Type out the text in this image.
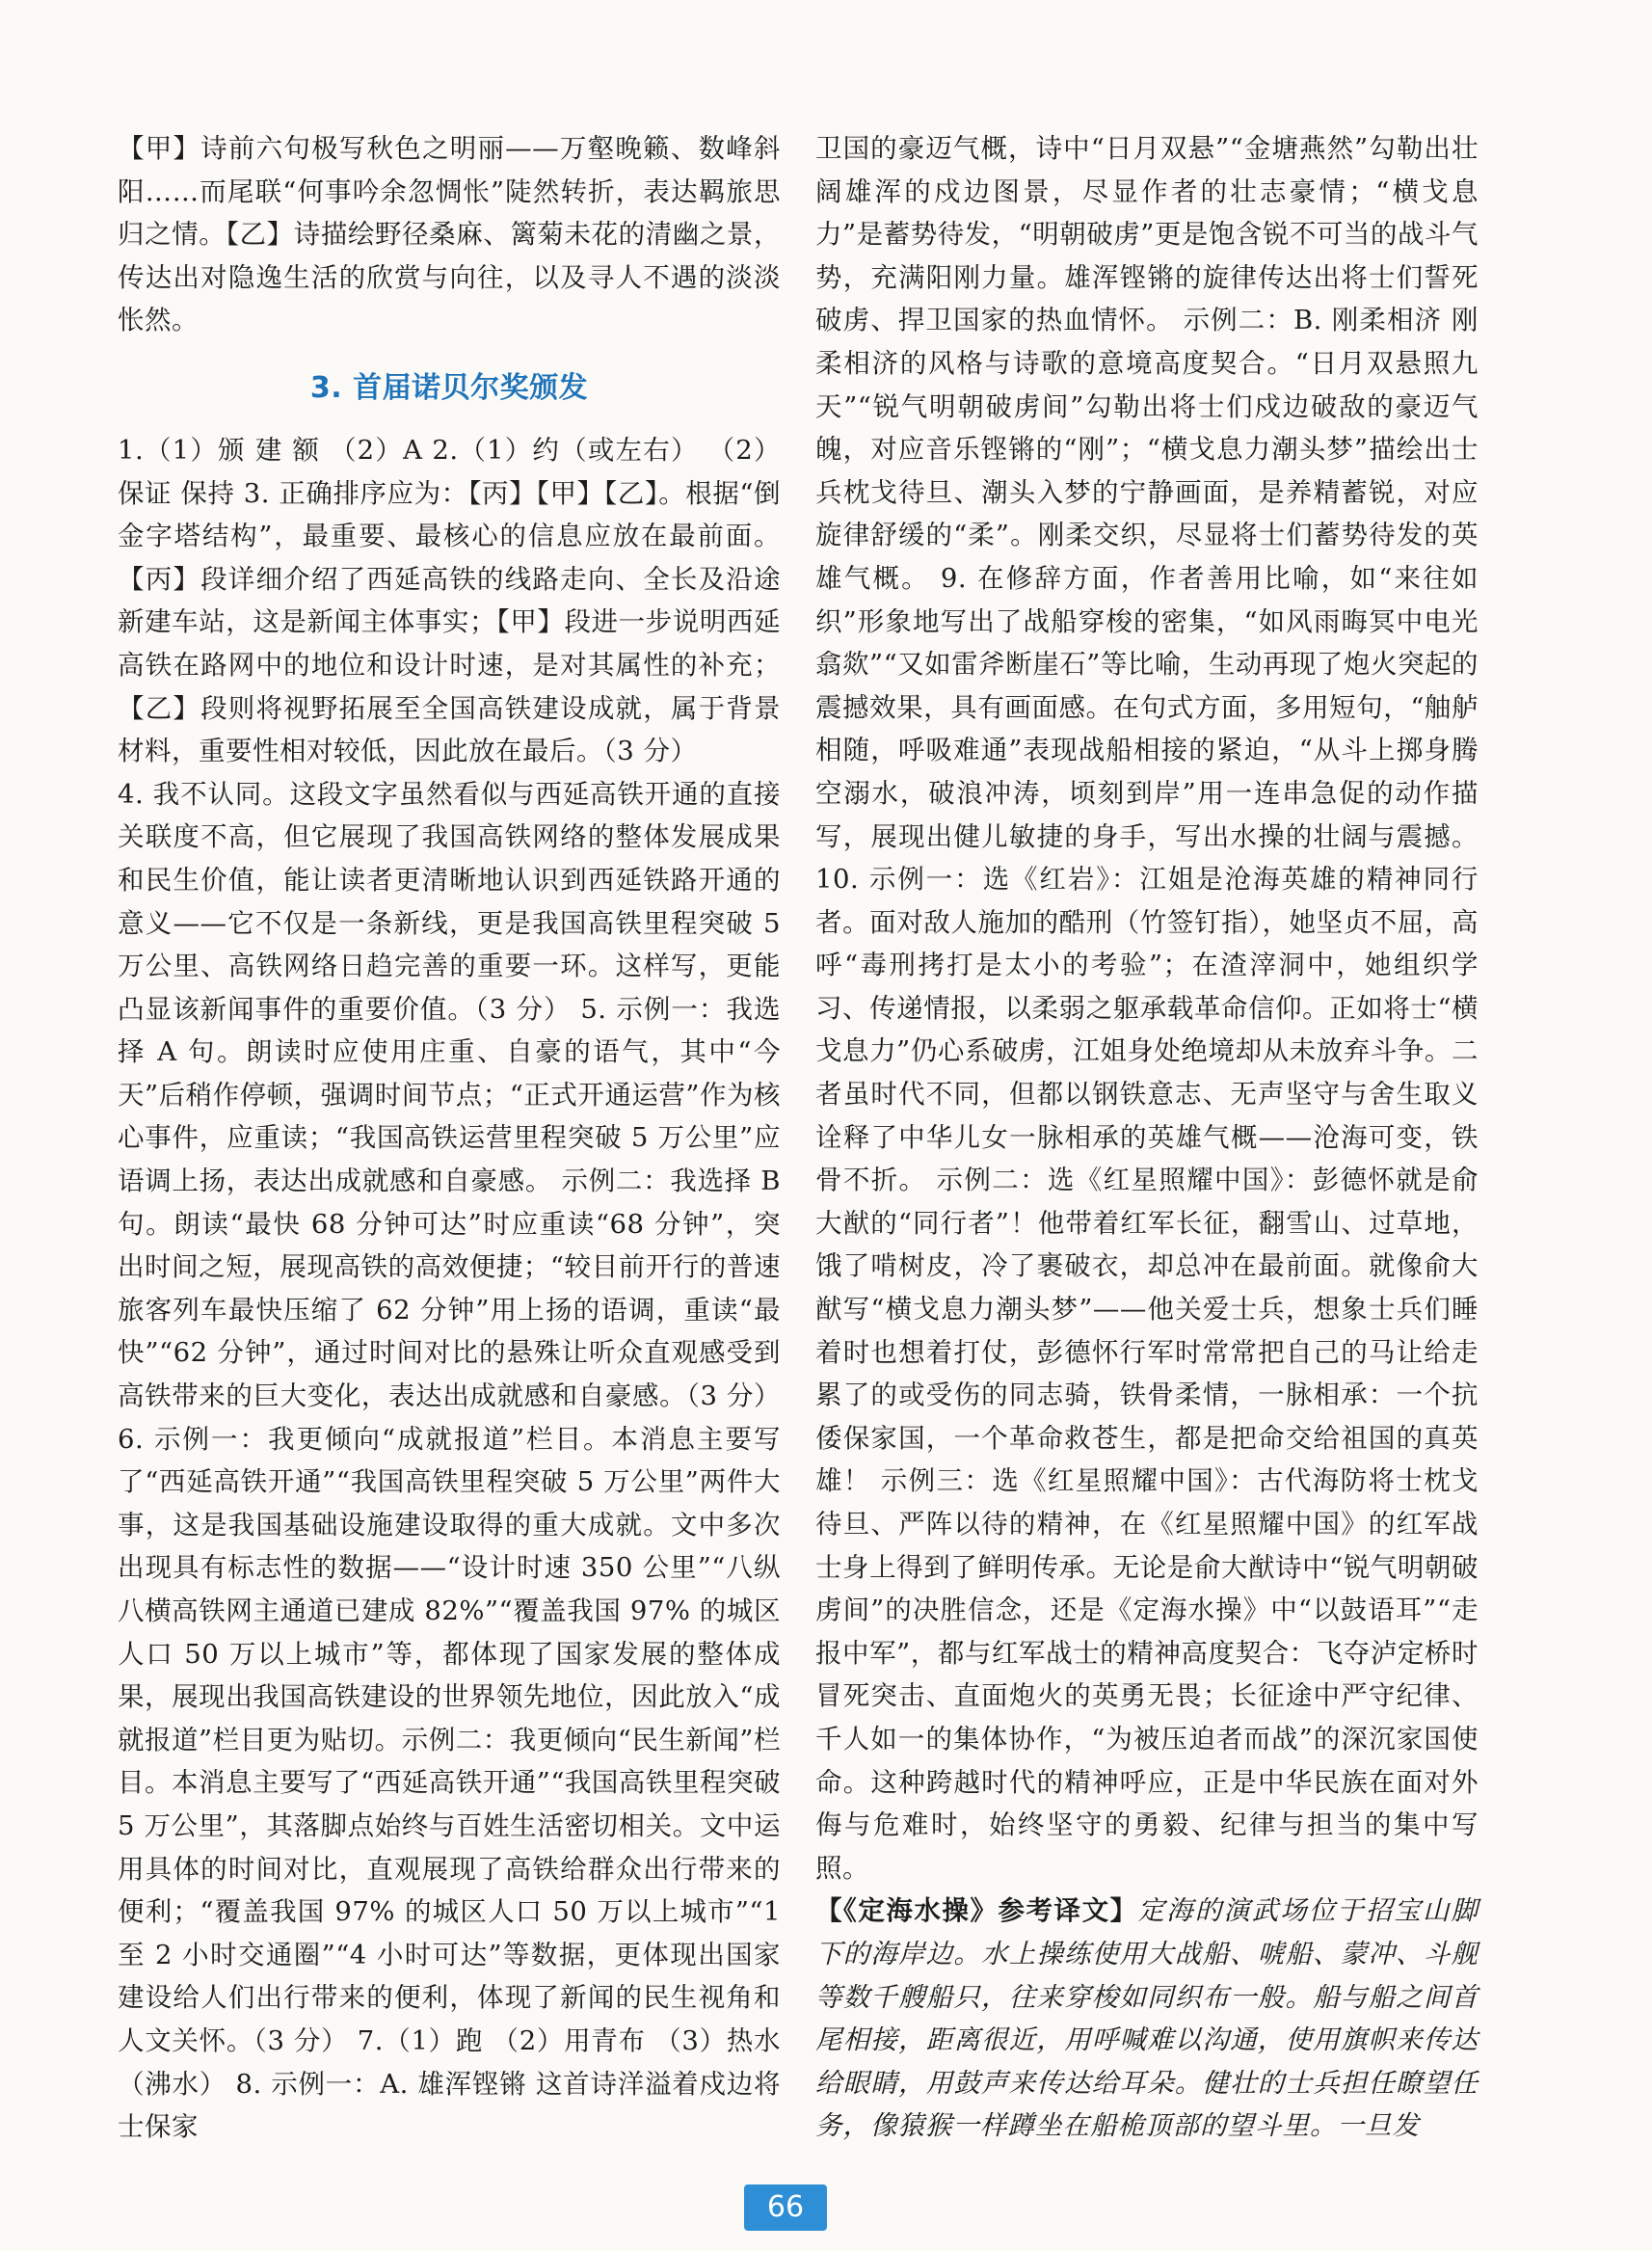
【甲】诗前六句极写秋色之明丽——万壑晚籁、数峰斜阳……而尾联“何事吟余忽惆怅”陡然转折，表达羁旅思归之情。【乙】诗描绘野径桑麻、篱菊未花的清幽之景，传达出对隐逸生活的欣赏与向往，以及寻人不遇的淡淡怅然。

3. 首届诺贝尔奖颁发

1.（1）颁 建 额 （2）A 2.（1）约（或左右） （2）保证 保持 3. 正确排序应为：【丙】【甲】【乙】。根据“倒金字塔结构”，最重要、最核心的信息应放在最前面。【丙】段详细介绍了西延高铁的线路走向、全长及沿途新建车站，这是新闻主体事实；【甲】段进一步说明西延高铁在路网中的地位和设计时速，是对其属性的补充；【乙】段则将视野拓展至全国高铁建设成就，属于背景材料，重要性相对较低，因此放在最后。（3 分）

4. 我不认同。这段文字虽然看似与西延高铁开通的直接关联度不高，但它展现了我国高铁网络的整体发展成果和民生价值，能让读者更清晰地认识到西延铁路开通的意义——它不仅是一条新线，更是我国高铁里程突破 5 万公里、高铁网络日趋完善的重要一环。这样写，更能凸显该新闻事件的重要价值。（3 分） 5. 示例一：我选择 A 句。朗读时应使用庄重、自豪的语气，其中“今天”后稍作停顿，强调时间节点；“正式开通运营”作为核心事件，应重读；“我国高铁运营里程突破 5 万公里”应语调上扬，表达出成就感和自豪感。 示例二：我选择 B 句。朗读“最快 68 分钟可达”时应重读“68 分钟”，突出时间之短，展现高铁的高效便捷；“较目前开行的普速旅客列车最快压缩了 62 分钟”用上扬的语调，重读“最快”“62 分钟”，通过时间对比的悬殊让听众直观感受到高铁带来的巨大变化，表达出成就感和自豪感。（3 分） 6. 示例一：我更倾向“成就报道”栏目。本消息主要写了“西延高铁开通”“我国高铁里程突破 5 万公里”两件大事，这是我国基础设施建设取得的重大成就。文中多次出现具有标志性的数据——“设计时速 350 公里”“八纵八横高铁网主通道已建成 82%”“覆盖我国 97% 的城区人口 50 万以上城市”等，都体现了国家发展的整体成果，展现出我国高铁建设的世界领先地位，因此放入“成就报道”栏目更为贴切。示例二：我更倾向“民生新闻”栏目。本消息主要写了“西延高铁开通”“我国高铁里程突破 5 万公里”，其落脚点始终与百姓生活密切相关。文中运用具体的时间对比，直观展现了高铁给群众出行带来的便利；“覆盖我国 97% 的城区人口 50 万以上城市”“1 至 2 小时交通圈”“4 小时可达”等数据，更体现出国家建设给人们出行带来的便利，体现了新闻的民生视角和人文关怀。（3 分） 7.（1）跑 （2）用青布 （3）热水（沸水） 8. 示例一：A. 雄浑铿锵 这首诗洋溢着戍边将士保家

卫国的豪迈气概，诗中“日月双悬”“金塘燕然”勾勒出壮阔雄浑的戍边图景，尽显作者的壮志豪情；“横戈息力”是蓄势待发，“明朝破虏”更是饱含锐不可当的战斗气势，充满阳刚力量。雄浑铿锵的旋律传达出将士们誓死破虏、捍卫国家的热血情怀。 示例二：B. 刚柔相济 刚柔相济的风格与诗歌的意境高度契合。“日月双悬照九天”“锐气明朝破虏间”勾勒出将士们戍边破敌的豪迈气魄，对应音乐铿锵的“刚”；“横戈息力潮头梦”描绘出士兵枕戈待旦、潮头入梦的宁静画面，是养精蓄锐，对应旋律舒缓的“柔”。刚柔交织，尽显将士们蓄势待发的英雄气概。 9. 在修辞方面，作者善用比喻，如“来往如织”形象地写出了战船穿梭的密集，“如风雨晦冥中电光翕欻”“又如雷斧断崖石”等比喻，生动再现了炮火突起的震撼效果，具有画面感。在句式方面，多用短句，“舳舻相随，呼吸难通”表现战船相接的紧迫，“从斗上掷身腾空溺水，破浪冲涛，顷刻到岸”用一连串急促的动作描写，展现出健儿敏捷的身手，写出水操的壮阔与震撼。 10. 示例一：选《红岩》：江姐是沧海英雄的精神同行者。面对敌人施加的酷刑（竹签钉指），她坚贞不屈，高呼“毒刑拷打是太小的考验”；在渣滓洞中，她组织学习、传递情报，以柔弱之躯承载革命信仰。正如将士“横戈息力”仍心系破虏，江姐身处绝境却从未放弃斗争。二者虽时代不同，但都以钢铁意志、无声坚守与舍生取义诠释了中华儿女一脉相承的英雄气概——沧海可变，铁骨不折。 示例二：选《红星照耀中国》：彭德怀就是俞大猷的“同行者”！他带着红军长征，翻雪山、过草地，饿了啃树皮，冷了裹破衣，却总冲在最前面。就像俞大猷写“横戈息力潮头梦”——他关爱士兵，想象士兵们睡着时也想着打仗，彭德怀行军时常常把自己的马让给走累了的或受伤的同志骑，铁骨柔情，一脉相承：一个抗倭保家国，一个革命救苍生，都是把命交给祖国的真英雄！ 示例三：选《红星照耀中国》：古代海防将士枕戈待旦、严阵以待的精神，在《红星照耀中国》的红军战士身上得到了鲜明传承。无论是俞大猷诗中“锐气明朝破虏间”的决胜信念，还是《定海水操》中“以鼓语耳”“走报中军”，都与红军战士的精神高度契合：飞夺泸定桥时冒死突击、直面炮火的英勇无畏；长征途中严守纪律、千人如一的集体协作，“为被压迫者而战”的深沉家国使命。这种跨越时代的精神呼应，正是中华民族在面对外侮与危难时，始终坚守的勇毅、纪律与担当的集中写照。

【《定海水操》参考译文】定海的演武场位于招宝山脚下的海岸边。水上操练使用大战船、唬船、蒙冲、斗舰等数千艘船只，往来穿梭如同织布一般。船与船之间首尾相接，距离很近，用呼喊难以沟通，使用旗帜来传达给眼睛，用鼓声来传达给耳朵。健壮的士兵担任瞭望任务，像猿猴一样蹲坐在船桅顶部的望斗里。一旦发

66
